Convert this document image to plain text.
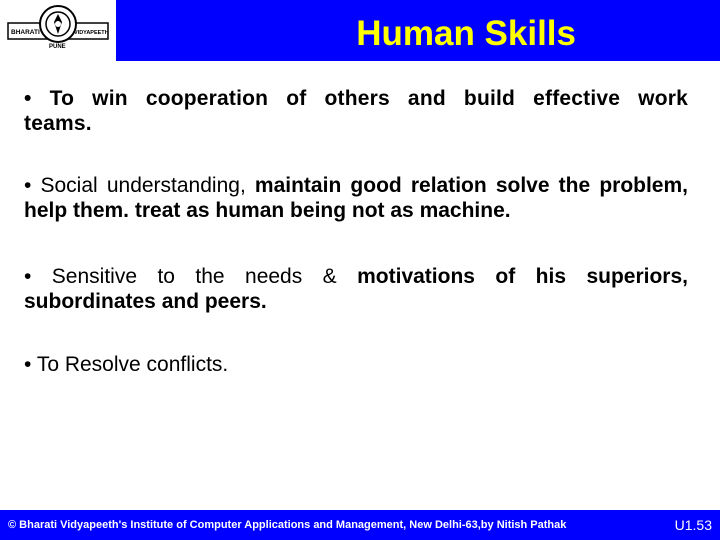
BHARATI	VIDYAPEETH
PUNE	Human Skills

• To win cooperation of others and build effective work teams.

• Social understanding, maintain good relation solve the problem, help them. treat as human being not as machine.

• Sensitive to the needs & motivations of his superiors, subordinates and peers.

• To Resolve conflicts.

© Bharati Vidyapeeth's Institute of Computer Applications and Management, New Delhi-63,by Nitish Pathak	U1.53
